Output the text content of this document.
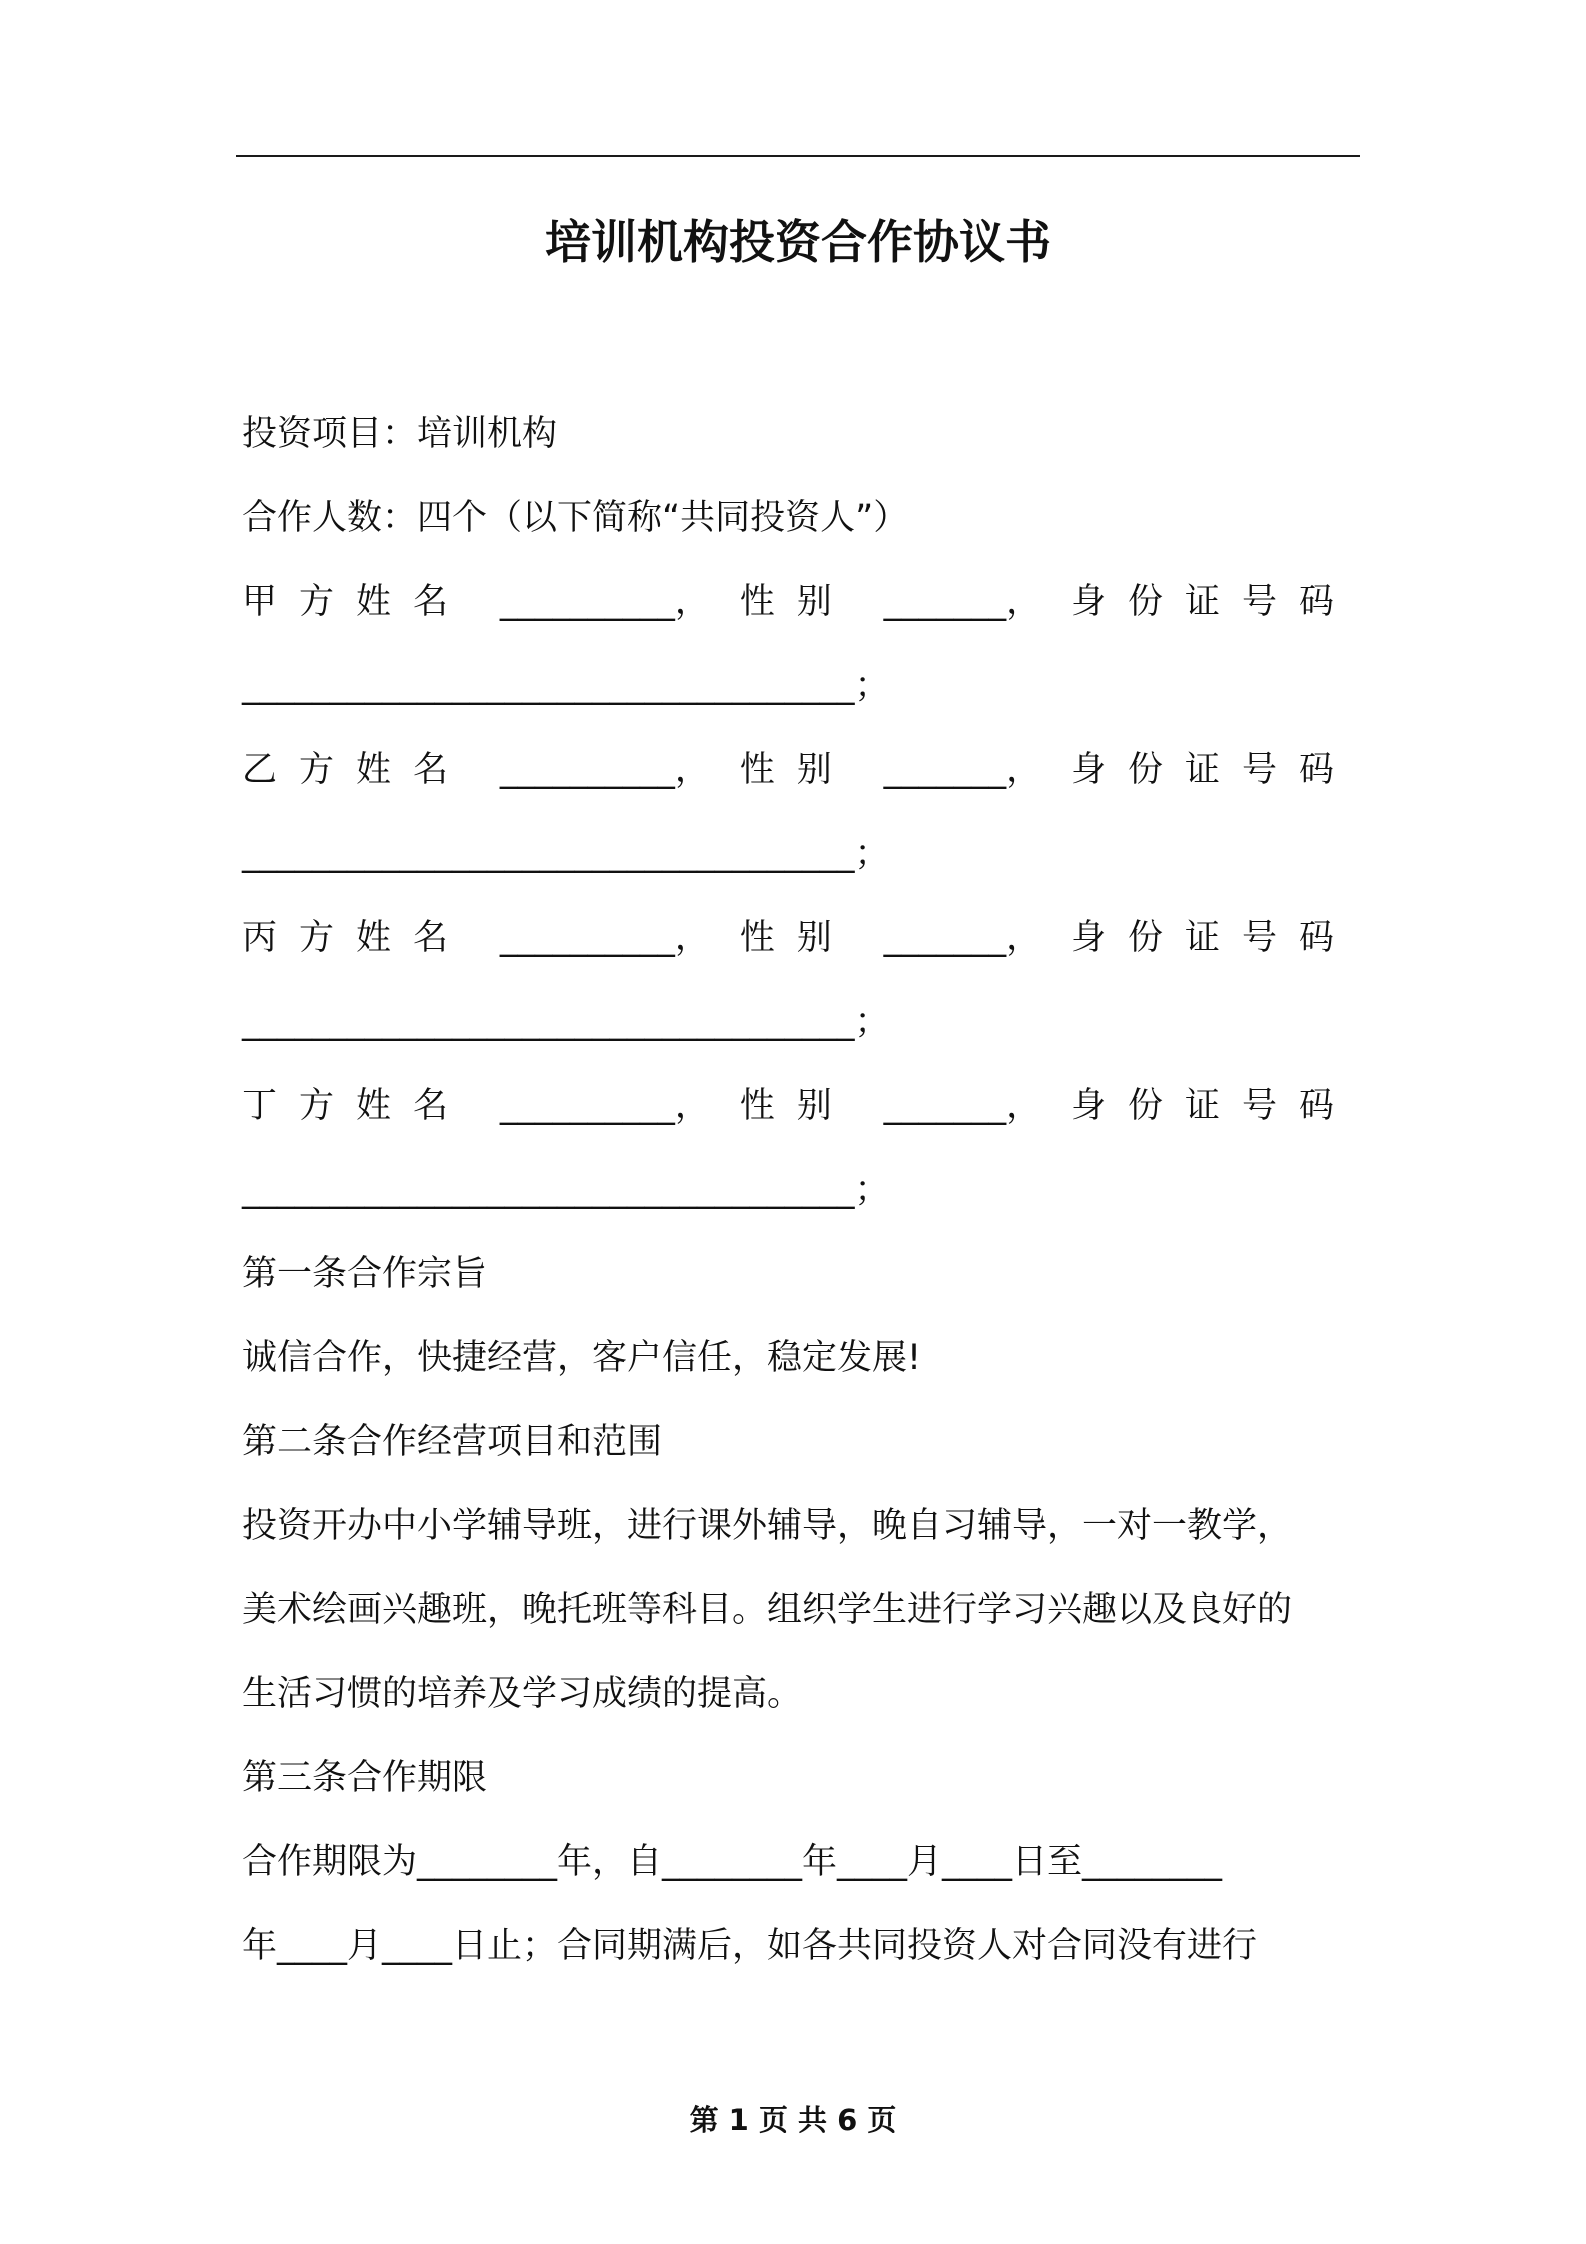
培训机构投资合作协议书
投资项目：培训机构
合作人数：四个（以下简称“共同投资人”）
甲方姓名 __________， 性别 _______， 身份证号码
___________________________________；
乙方姓名 __________， 性别 _______， 身份证号码
___________________________________；
丙方姓名 __________， 性别 _______， 身份证号码
___________________________________；
丁方姓名 __________， 性别 _______， 身份证号码
___________________________________；
第一条合作宗旨
诚信合作，快捷经营，客户信任，稳定发展!
第二条合作经营项目和范围
投资开办中小学辅导班，进行课外辅导，晚自习辅导，一对一教学，
美术绘画兴趣班，晚托班等科目。组织学生进行学习兴趣以及良好的
生活习惯的培养及学习成绩的提高。
第三条合作期限
合作期限为________年，自________年____月____日至________
年____月____日止；合同期满后，如各共同投资人对合同没有进行
第 1 页 共 6 页
